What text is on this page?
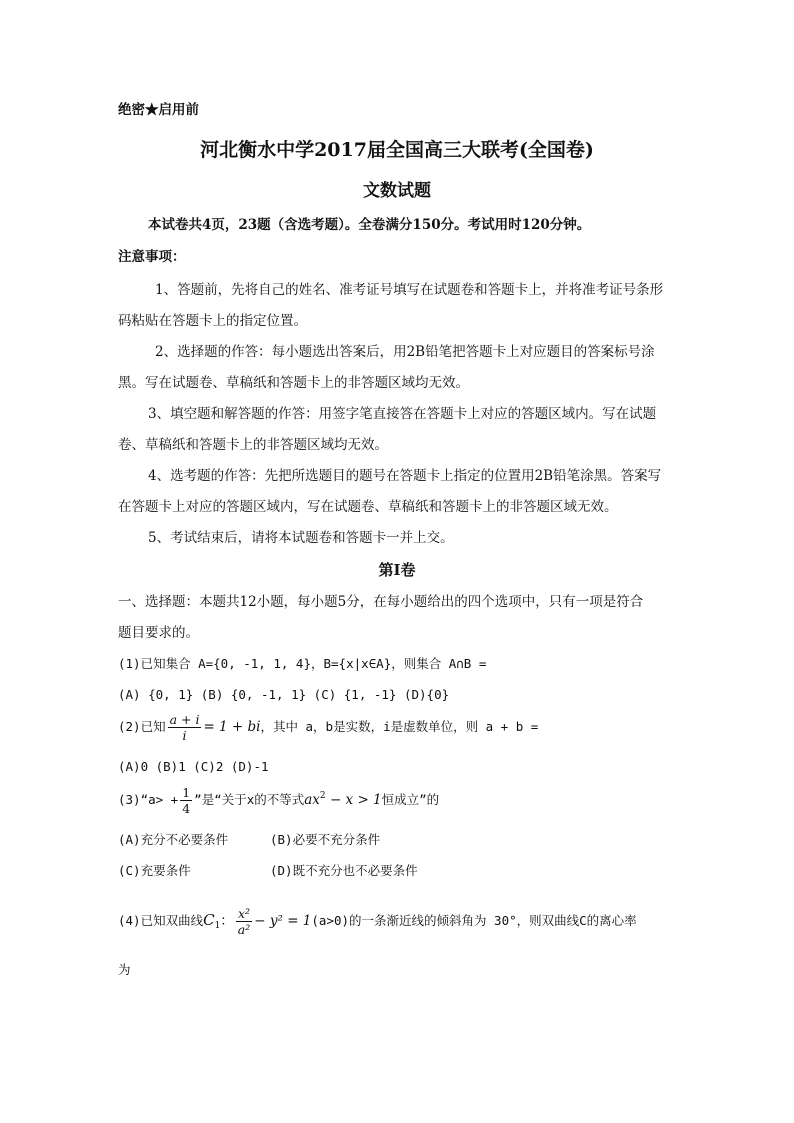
绝密★启用前
河北衡水中学2017届全国高三大联考(全国卷)
文数试题
本试卷共4页，23题（含选考题）。全卷满分150分。考试用时120分钟。
注意事项：
1、答题前，先将自己的姓名、准考证号填写在试题卷和答题卡上，并将准考证号条形
码粘贴在答题卡上的指定位置。
2、选择题的作答：每小题选出答案后，用2B铅笔把答题卡上对应题目的答案标号涂
黑。写在试题卷、草稿纸和答题卡上的非答题区域均无效。
3、填空题和解答题的作答：用签字笔直接答在答题卡上对应的答题区域内。写在试题
卷、草稿纸和答题卡上的非答题区域均无效。
4、选考题的作答：先把所选题目的题号在答题卡上指定的位置用2B铅笔涂黑。答案写
在答题卡上对应的答题区域内，写在试题卷、草稿纸和答题卡上的非答题区域无效。
5、考试结束后，请将本试题卷和答题卡一并上交。
第Ⅰ卷
一、选择题：本题共12小题，每小题5分，在每小题给出的四个选项中，只有一项是符合
题目要求的。
(1)已知集合 A={0, -1, 1, 4}，B={x|x∈A}，则集合 A∩B =
(A) {0, 1} (B) {0, -1, 1} (C) {1, -1} (D){0}
(2)已知 $\frac{a + i}{i} = 1$ + bi，其中 a，b是实数，i是虚数单位，则 a + b =
(A)0 (B)1 (C)2 (D)-1
(3)“a> + $\frac{1}{4}$ ”是“关于x的不等式$ax^2 - x > 1$恒成立”的
(A)充分不必要条件	(B)必要不充分条件
(C)充要条件	(D)既不充分也不必要条件
(4)已知双曲线$C_1$： $\frac{\text{x²}}{\text{a²}} - y^2 = 1(a>0)$的一条渐近线的倾斜角为 30°，则双曲线C的离心率
为
